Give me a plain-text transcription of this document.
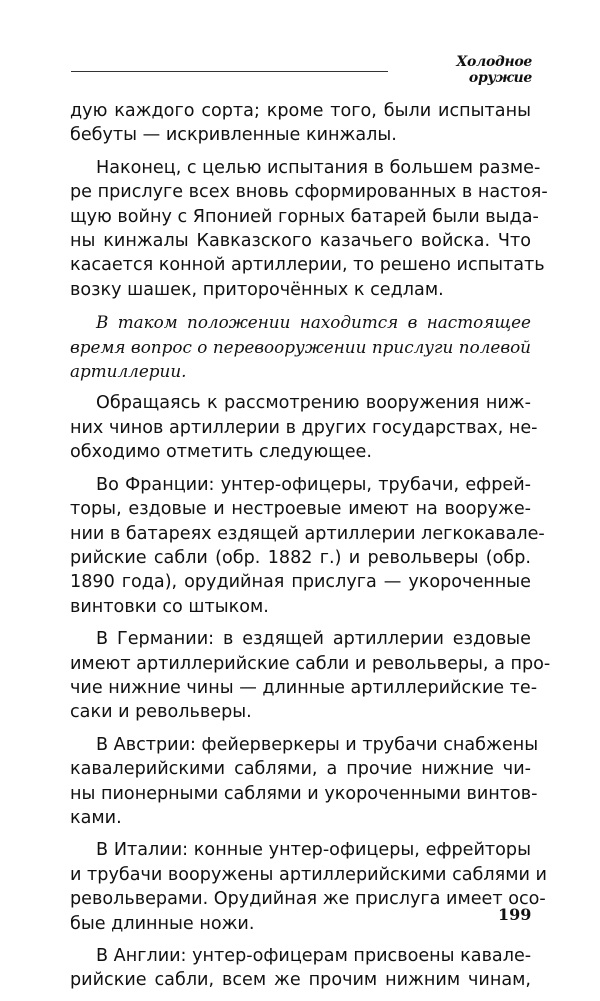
Холодное оружие
дую каждого сорта; кроме того, были испытаны
бебуты — искривленные кинжалы.
Наконец, с целью испытания в большем разме-
ре прислуге всех вновь сформированных в настоя-
щую войну с Японией горных батарей были выда-
ны кинжалы Кавказского казачьего войска. Что
касается конной артиллерии, то решено испытать
возку шашек, приторочённых к седлам.
В таком положении находится в настоящее
время вопрос о перевооружении прислуги полевой
артиллерии.
Обращаясь к рассмотрению вооружения ниж-
них чинов артиллерии в других государствах, не-
обходимо отметить следующее.
Во Франции: унтер-офицеры, трубачи, ефрей-
торы, ездовые и нестроевые имеют на вооруже-
нии в батареях ездящей артиллерии легкокавале-
рийские сабли (обр. 1882 г.) и револьверы (обр.
1890 года), орудийная прислуга — укороченные
винтовки со штыком.
В Германии: в ездящей артиллерии ездовые
имеют артиллерийские сабли и револьверы, а про-
чие нижние чины — длинные артиллерийские те-
саки и револьверы.
В Австрии: фейерверкеры и трубачи снабжены
кавалерийскими саблями, а прочие нижние чи-
ны пионерными саблями и укороченными винтов-
ками.
В Италии: конные унтер-офицеры, ефрейторы
и трубачи вооружены артиллерийскими саблями и
револьверами. Орудийная же прислуга имеет осо-
бые длинные ножи.
В Англии: унтер-офицерам присвоены кавале-
рийские сабли, всем же прочим нижним чинам,
199
